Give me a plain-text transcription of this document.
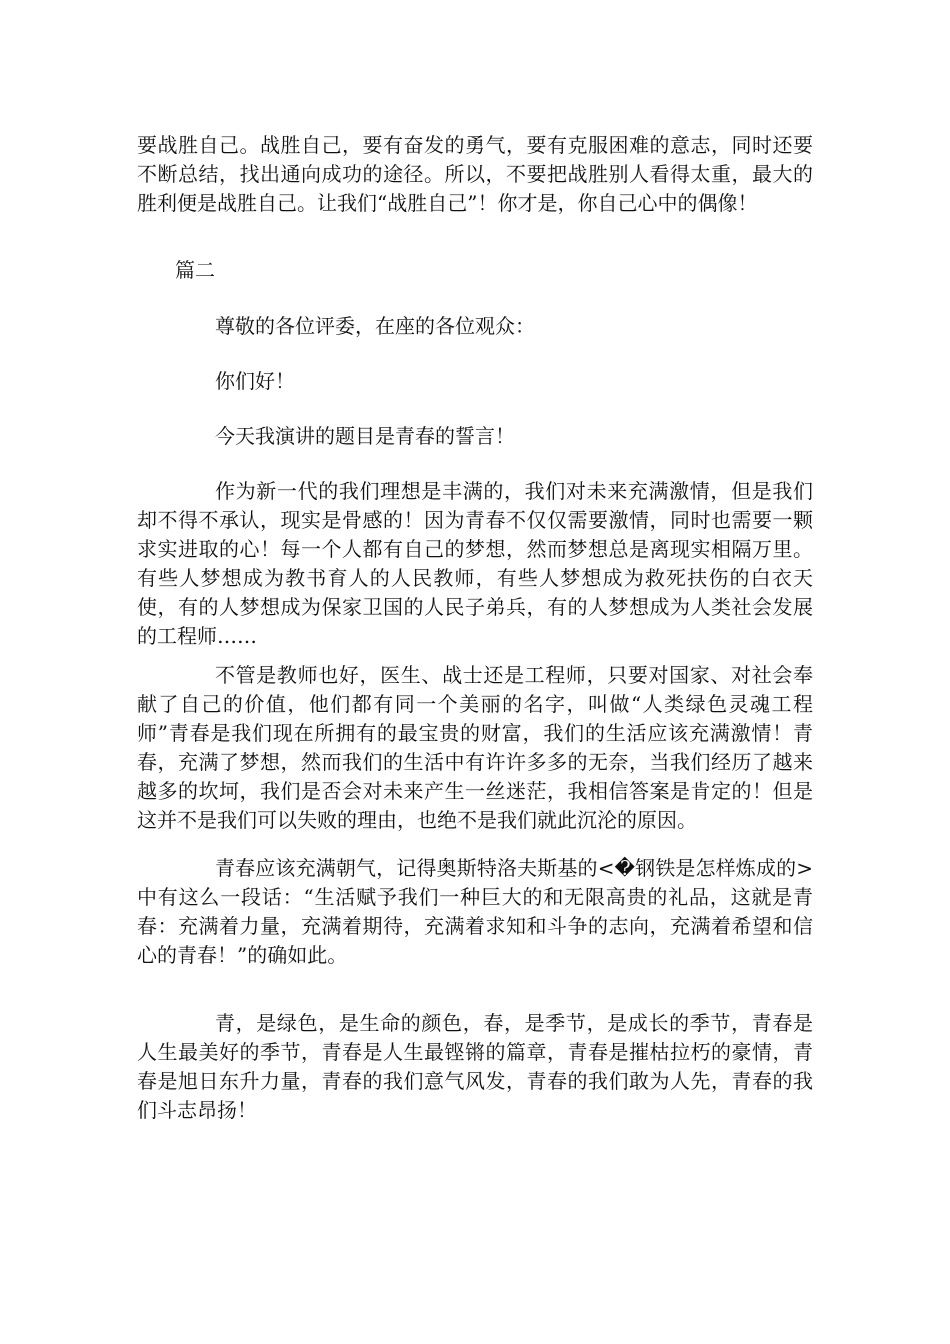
要战胜自己。战胜自己，要有奋发的勇气，要有克服困难的意志，同时还要不断总结，找出通向成功的途径。所以，不要把战胜别人看得太重，最大的胜利便是战胜自己。让我们“战胜自己”！你才是，你自己心中的偶像！

篇二

尊敬的各位评委，在座的各位观众：

你们好！

今天我演讲的题目是青春的誓言！

作为新一代的我们理想是丰满的，我们对未来充满激情，但是我们却不得不承认，现实是骨感的！因为青春不仅仅需要激情，同时也需要一颗求实进取的心！每一个人都有自己的梦想，然而梦想总是离现实相隔万里。有些人梦想成为教书育人的人民教师，有些人梦想成为救死扶伤的白衣天使，有的人梦想成为保家卫国的人民子弟兵，有的人梦想成为人类社会发展的工程师……

不管是教师也好，医生、战士还是工程师，只要对国家、对社会奉献了自己的价值，他们都有同一个美丽的名字，叫做“人类绿色灵魂工程师”青春是我们现在所拥有的最宝贵的财富，我们的生活应该充满激情！青春，充满了梦想，然而我们的生活中有许许多多的无奈，当我们经历了越来越多的坎坷，我们是否会对未来产生一丝迷茫，我相信答案是肯定的！但是这并不是我们可以失败的理由，也绝不是我们就此沉沦的原因。

青春应该充满朝气，记得奥斯特洛夫斯基的<�钢铁是怎样炼成的>中有这么一段话：“生活赋予我们一种巨大的和无限高贵的礼品，这就是青春：充满着力量，充满着期待，充满着求知和斗争的志向，充满着希望和信心的青春！”的确如此。

青，是绿色，是生命的颜色，春，是季节，是成长的季节，青春是人生最美好的季节，青春是人生最铿锵的篇章，青春是摧枯拉朽的豪情，青春是旭日东升力量，青春的我们意气风发，青春的我们敢为人先，青春的我们斗志昂扬！
